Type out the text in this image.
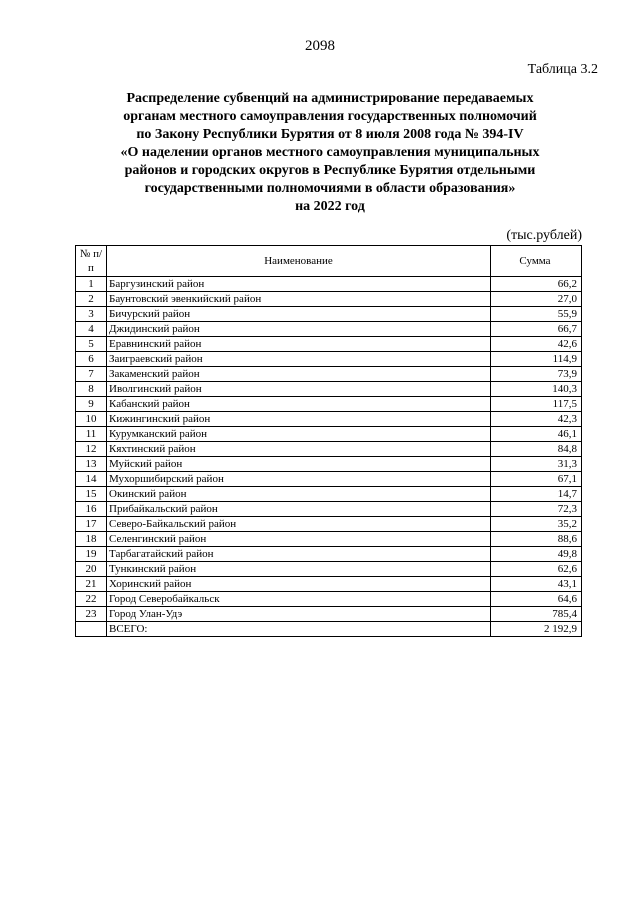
2098
Таблица 3.2
Распределение субвенций на администрирование передаваемых
органам местного самоуправления государственных полномочий
по Закону Республики Бурятия от 8 июля 2008 года № 394-IV
«О наделении органов местного самоуправления муниципальных
районов и городских округов в Республике Бурятия отдельными
государственными полномочиями в области образования»
на 2022 год
(тыс.рублей)
№ п/п	Наименование	Сумма
1	Баргузинский район	66,2
2	Баунтовский эвенкийский район	27,0
3	Бичурский район	55,9
4	Джидинский район	66,7
5	Еравнинский район	42,6
6	Заиграевский район	114,9
7	Закаменский район	73,9
8	Иволгинский район	140,3
9	Кабанский район	117,5
10	Кижингинский район	42,3
11	Курумканский район	46,1
12	Кяхтинский район	84,8
13	Муйский район	31,3
14	Мухоршибирский район	67,1
15	Окинский район	14,7
16	Прибайкальский район	72,3
17	Северо-Байкальский район	35,2
18	Селенгинский район	88,6
19	Тарбагатайский район	49,8
20	Тункинский район	62,6
21	Хоринский район	43,1
22	Город Северобайкальск	64,6
23	Город Улан-Удэ	785,4
	ВСЕГО:	2 192,9
